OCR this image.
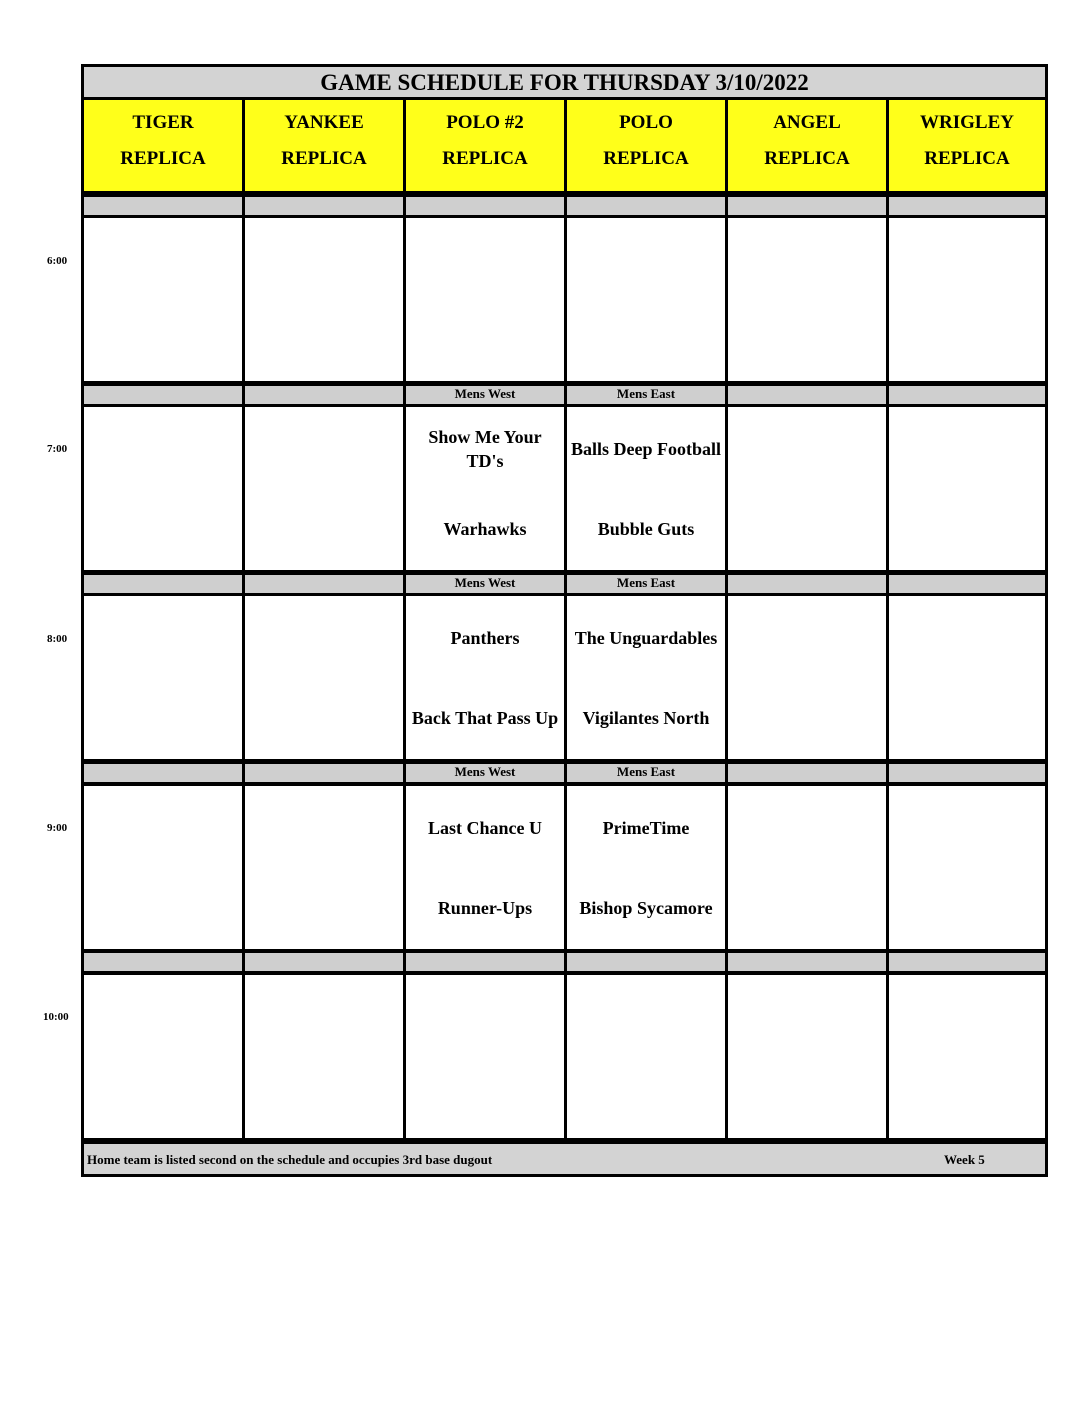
GAME SCHEDULE FOR THURSDAY 3/10/2022
TIGER
REPLICA
YANKEE
REPLICA
POLO #2
REPLICA
POLO
REPLICA
ANGEL
REPLICA
WRIGLEY
REPLICA
Mens West
Show Me Your TD's
Warhawks
Mens East
Balls Deep Football
Bubble Guts
Mens West
Panthers
Back That Pass Up
Mens East
The Unguardables
Vigilantes North
Mens West
Last Chance U
Runner-Ups
Mens East
PrimeTime
Bishop Sycamore
Home team is listed second on the schedule and occupies 3rd base dugout	Week 5
6:00
7:00
8:00
9:00
10:00
